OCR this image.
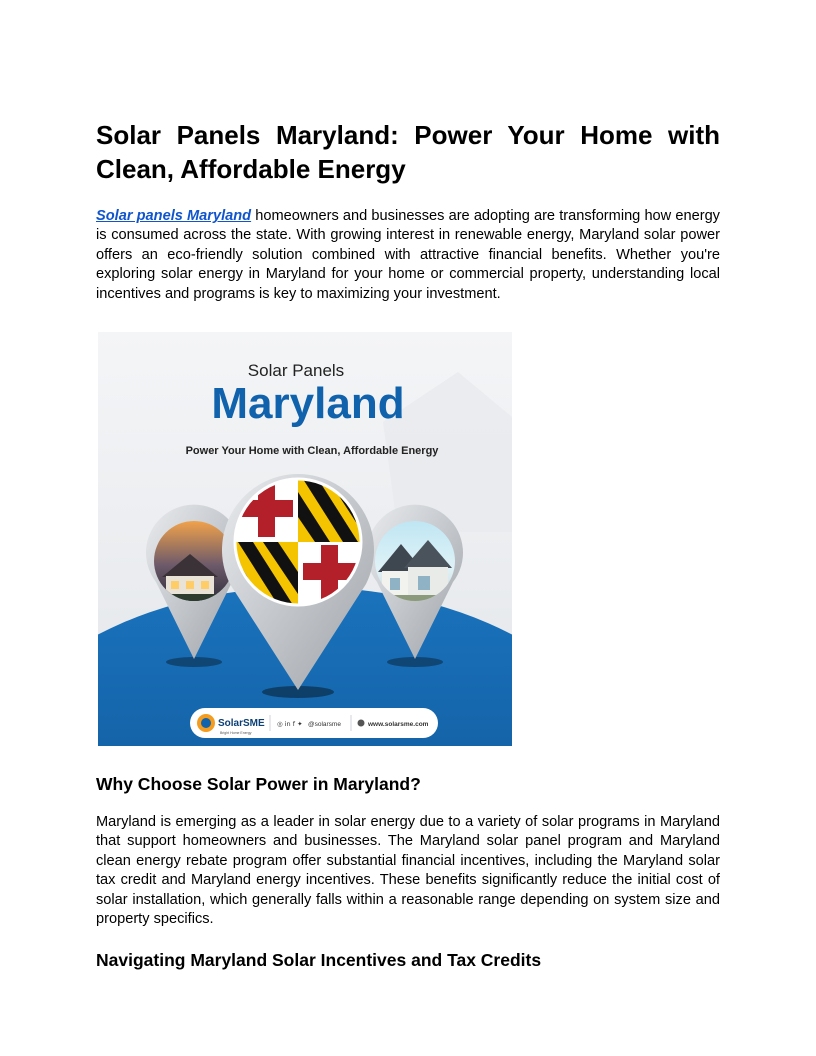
Solar Panels Maryland: Power Your Home with Clean, Affordable Energy

Solar panels Maryland homeowners and businesses are adopting are transforming how energy is consumed across the state. With growing interest in renewable energy, Maryland solar power offers an eco-friendly solution combined with attractive financial benefits. Whether you're exploring solar energy in Maryland for your home or commercial property, understanding local incentives and programs is key to maximizing your investment.

Solar Panels
Maryland
Power Your Home with Clean, Affordable Energy
SolarSME
Bright Home Energy
◎ in f ✦ @solarsme	www.solarsme.com
Why Choose Solar Power in Maryland?

Maryland is emerging as a leader in solar energy due to a variety of solar programs in Maryland that support homeowners and businesses. The Maryland solar panel program and Maryland clean energy rebate program offer substantial financial incentives, including the Maryland solar tax credit and Maryland energy incentives. These benefits significantly reduce the initial cost of solar installation, which generally falls within a reasonable range depending on system size and property specifics.

Navigating Maryland Solar Incentives and Tax Credits
